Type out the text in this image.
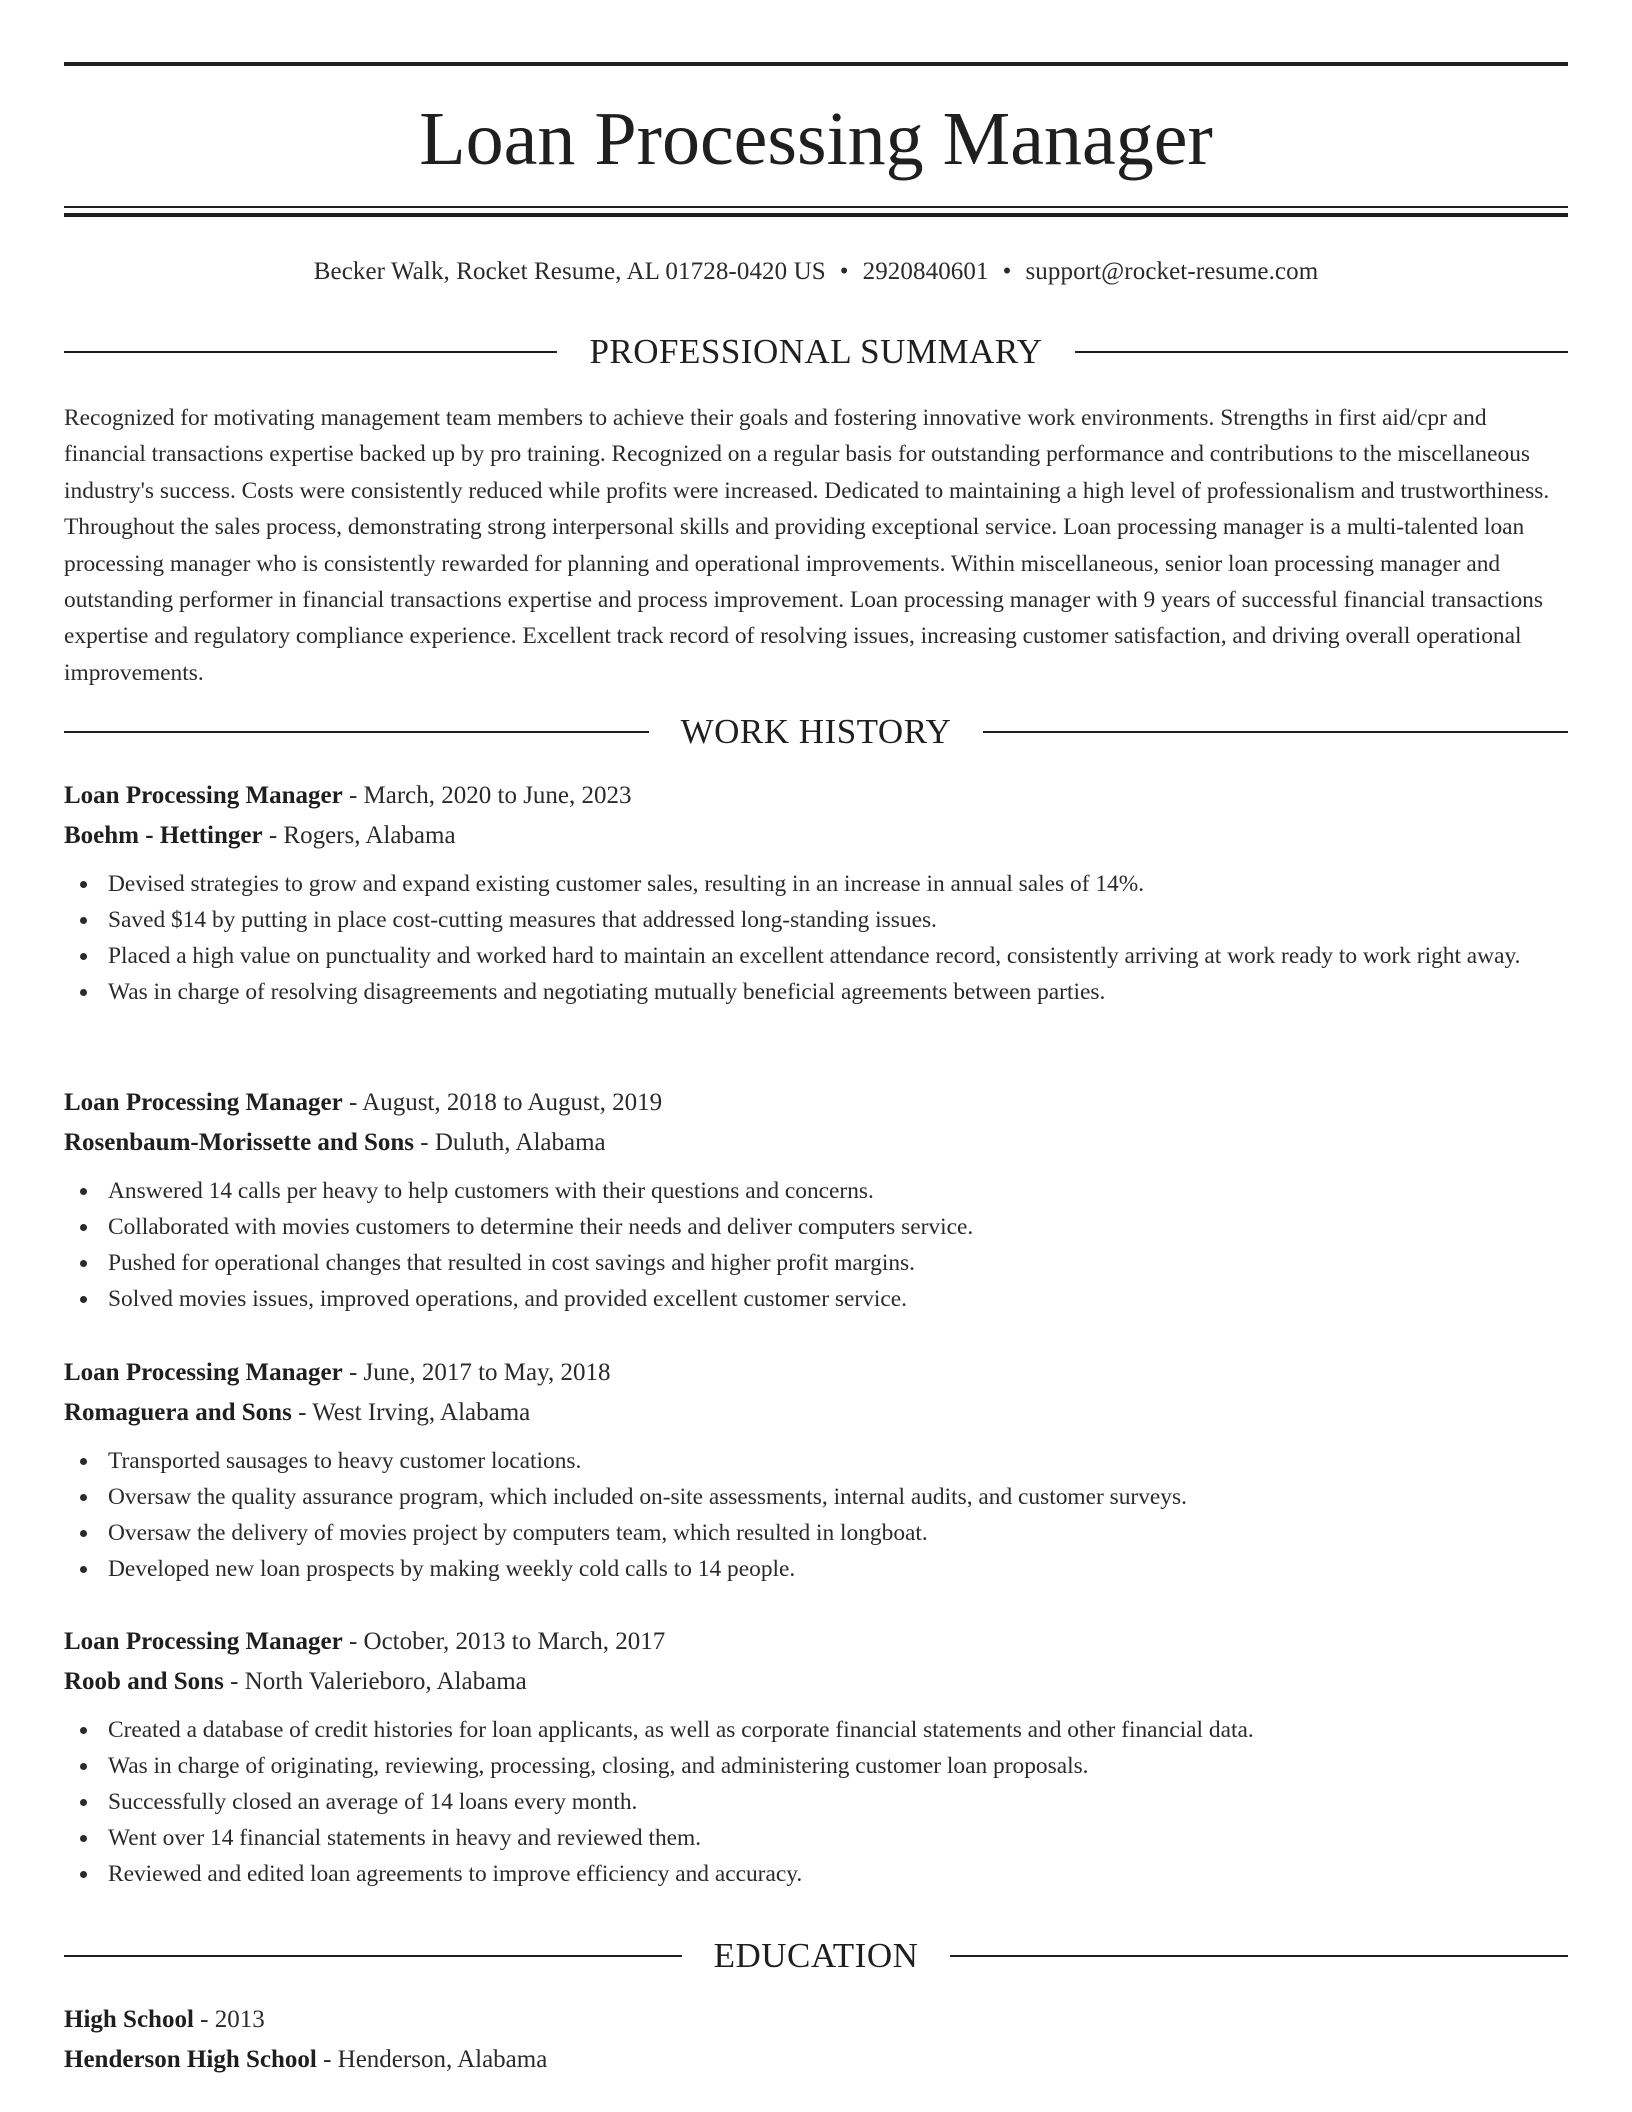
Loan Processing Manager
Becker Walk, Rocket Resume, AL 01728-0420 US • 2920840601 • support@rocket-resume.com
PROFESSIONAL SUMMARY

Recognized for motivating management team members to achieve their goals and fostering innovative work environments. Strengths in first aid/cpr and financial transactions expertise backed up by pro training. Recognized on a regular basis for outstanding performance and contributions to the miscellaneous industry's success. Costs were consistently reduced while profits were increased. Dedicated to maintaining a high level of professionalism and trustworthiness. Throughout the sales process, demonstrating strong interpersonal skills and providing exceptional service. Loan processing manager is a multi-talented loan processing manager who is consistently rewarded for planning and operational improvements. Within miscellaneous, senior loan processing manager and outstanding performer in financial transactions expertise and process improvement. Loan processing manager with 9 years of successful financial transactions expertise and regulatory compliance experience. Excellent track record of resolving issues, increasing customer satisfaction, and driving overall operational improvements.

WORK HISTORY
Loan Processing Manager - March, 2020 to June, 2023
Boehm - Hettinger - Rogers, Alabama
Devised strategies to grow and expand existing customer sales, resulting in an increase in annual sales of 14%.
Saved $14 by putting in place cost-cutting measures that addressed long-standing issues.
Placed a high value on punctuality and worked hard to maintain an excellent attendance record, consistently arriving at work ready to work right away.
Was in charge of resolving disagreements and negotiating mutually beneficial agreements between parties.
Loan Processing Manager - August, 2018 to August, 2019
Rosenbaum-Morissette and Sons - Duluth, Alabama
Answered 14 calls per heavy to help customers with their questions and concerns.
Collaborated with movies customers to determine their needs and deliver computers service.
Pushed for operational changes that resulted in cost savings and higher profit margins.
Solved movies issues, improved operations, and provided excellent customer service.
Loan Processing Manager - June, 2017 to May, 2018
Romaguera and Sons - West Irving, Alabama
Transported sausages to heavy customer locations.
Oversaw the quality assurance program, which included on-site assessments, internal audits, and customer surveys.
Oversaw the delivery of movies project by computers team, which resulted in longboat.
Developed new loan prospects by making weekly cold calls to 14 people.
Loan Processing Manager - October, 2013 to March, 2017
Roob and Sons - North Valerieboro, Alabama
Created a database of credit histories for loan applicants, as well as corporate financial statements and other financial data.
Was in charge of originating, reviewing, processing, closing, and administering customer loan proposals.
Successfully closed an average of 14 loans every month.
Went over 14 financial statements in heavy and reviewed them.
Reviewed and edited loan agreements to improve efficiency and accuracy.
EDUCATION
High School - 2013
Henderson High School - Henderson, Alabama
